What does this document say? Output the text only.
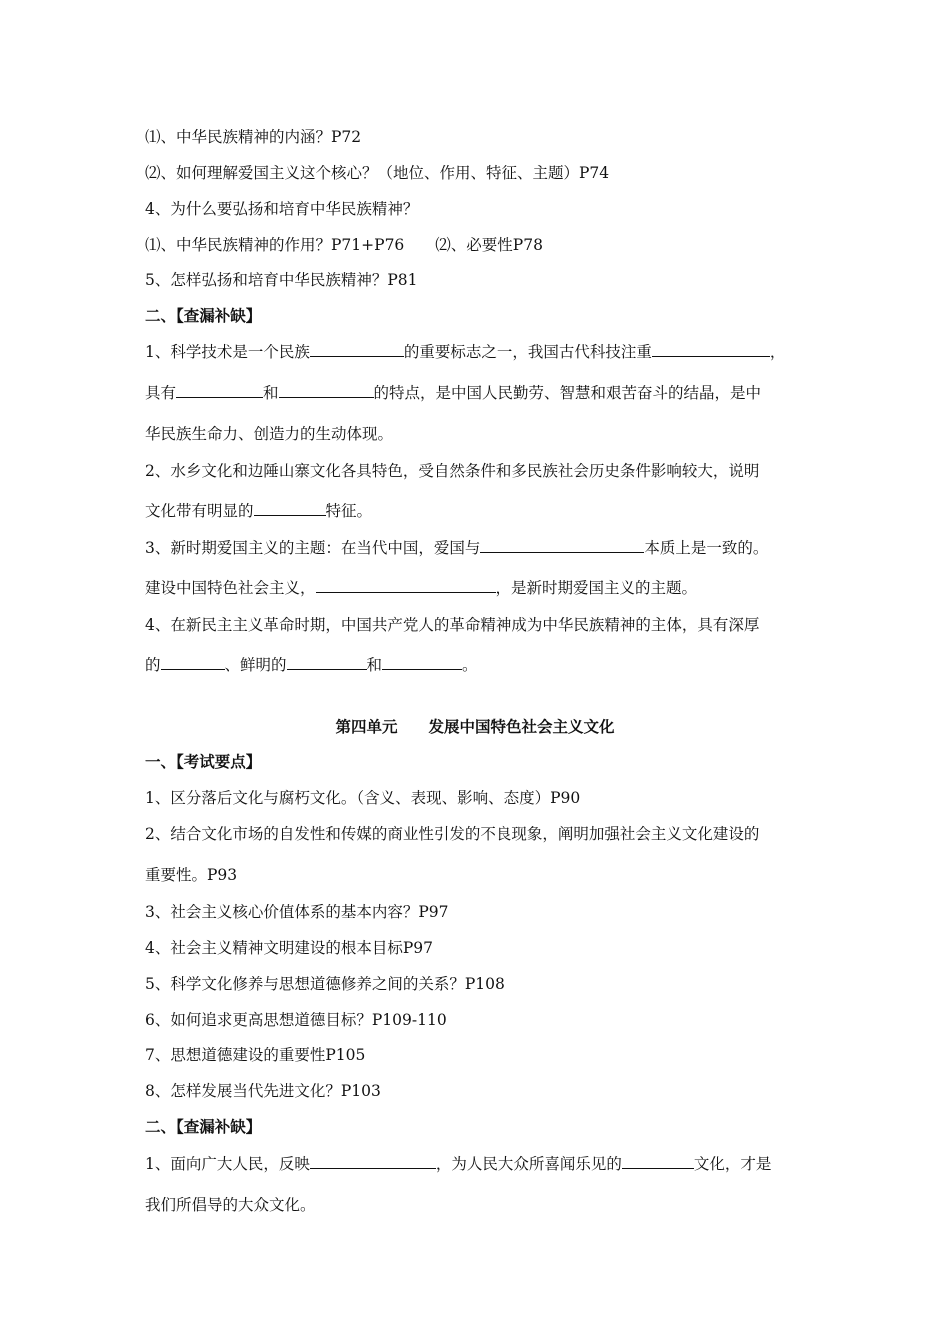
⑴、中华民族精神的内涵？P72
⑵、如何理解爱国主义这个核心？（地位、作用、特征、主题）P74
4、为什么要弘扬和培育中华民族精神？
⑴、中华民族精神的作用？P71+P76　　⑵、必要性P78
5、怎样弘扬和培育中华民族精神？P81
二、【查漏补缺】
1、科学技术是一个民族	的重要标志之一，我国古代科技注重	，
具有	和	的特点，是中国人民勤劳、智慧和艰苦奋斗的结晶，是中
华民族生命力、创造力的生动体现。
2、水乡文化和边陲山寨文化各具特色，受自然条件和多民族社会历史条件影响较大，说明
文化带有明显的	特征。
3、新时期爱国主义的主题：在当代中国，爱国与	本质上是一致的。
建设中国特色社会主义，	，是新时期爱国主义的主题。
4、在新民主主义革命时期，中国共产党人的革命精神成为中华民族精神的主体，具有深厚
的	、鲜明的	和	。
第四单元　　发展中国特色社会主义文化
一、【考试要点】
1、区分落后文化与腐朽文化。（含义、表现、影响、态度）P90
2、结合文化市场的自发性和传媒的商业性引发的不良现象，阐明加强社会主义文化建设的
重要性。P93
3、社会主义核心价值体系的基本内容？P97
4、社会主义精神文明建设的根本目标P97
5、科学文化修养与思想道德修养之间的关系？P108
6、如何追求更高思想道德目标？P109-110
7、思想道德建设的重要性P105
8、怎样发展当代先进文化？P103
二、【查漏补缺】
1、面向广大人民，反映	，为人民大众所喜闻乐见的	文化，才是
我们所倡导的大众文化。
